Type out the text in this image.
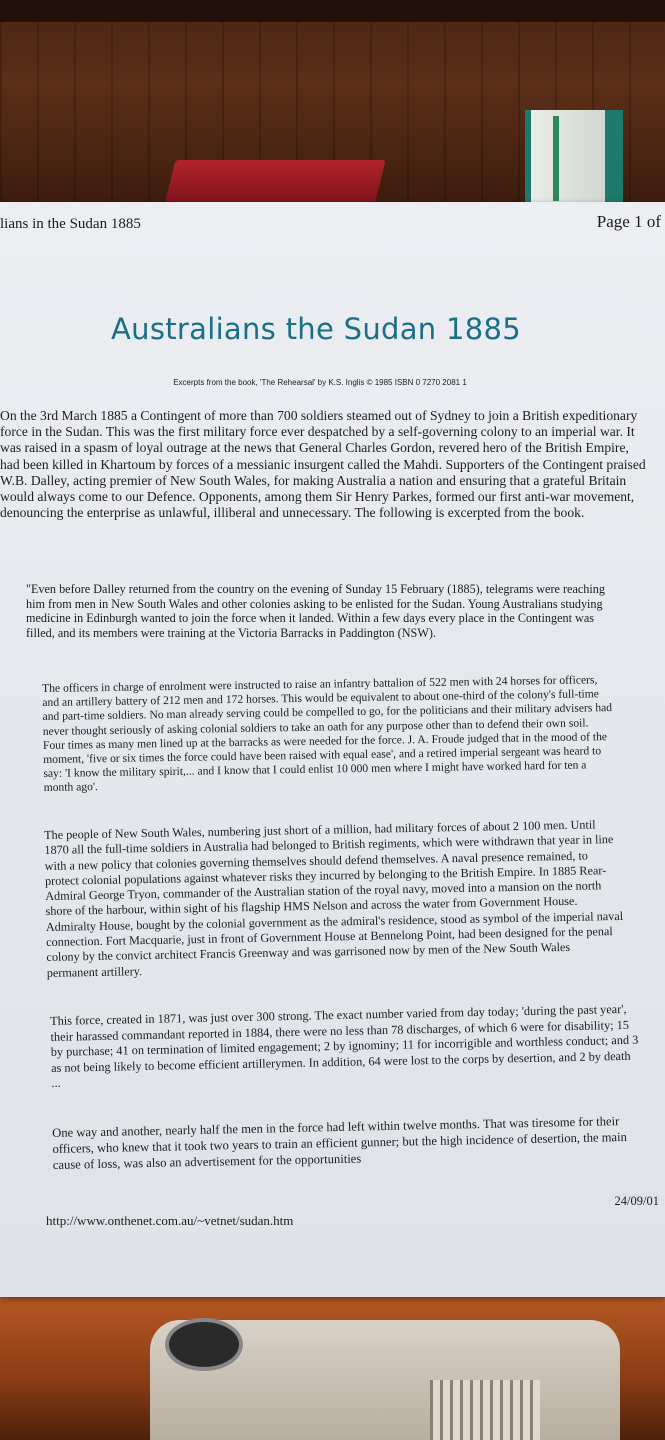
lians in the Sudan 1885	Page 1 of
Australians the Sudan 1885
Excerpts from the book, 'The Rehearsal' by K.S. Inglis © 1985 ISBN 0 7270 2081 1
On the 3rd March 1885 a Contingent of more than 700 soldiers steamed out of Sydney to join a British expeditionary force in the Sudan. This was the first military force ever despatched by a self-governing colony to an imperial war. It was raised in a spasm of loyal outrage at the news that General Charles Gordon, revered hero of the British Empire, had been killed in Khartoum by forces of a messianic insurgent called the Mahdi. Supporters of the Contingent praised W.B. Dalley, acting premier of New South Wales, for making Australia a nation and ensuring that a grateful Britain would always come to our Defence. Opponents, among them Sir Henry Parkes, formed our first anti-war movement, denouncing the enterprise as unlawful, illiberal and unnecessary. The following is excerpted from the book.
"Even before Dalley returned from the country on the evening of Sunday 15 February (1885), telegrams were reaching him from men in New South Wales and other colonies asking to be enlisted for the Sudan. Young Australians studying medicine in Edinburgh wanted to join the force when it landed. Within a few days every place in the Contingent was filled, and its members were training at the Victoria Barracks in Paddington (NSW).
The officers in charge of enrolment were instructed to raise an infantry battalion of 522 men with 24 horses for officers, and an artillery battery of 212 men and 172 horses. This would be equivalent to about one-third of the colony's full-time and part-time soldiers. No man already serving could be compelled to go, for the politicians and their military advisers had never thought seriously of asking colonial soldiers to take an oath for any purpose other than to defend their own soil. Four times as many men lined up at the barracks as were needed for the force. J. A. Froude judged that in the mood of the moment, 'five or six times the force could have been raised with equal ease', and a retired imperial sergeant was heard to say: 'I know the military spirit,... and I know that I could enlist 10 000 men where I might have worked hard for ten a month ago'.
The people of New South Wales, numbering just short of a million, had military forces of about 2 100 men. Until 1870 all the full-time soldiers in Australia had belonged to British regiments, which were withdrawn that year in line with a new policy that colonies governing themselves should defend themselves. A naval presence remained, to protect colonial populations against whatever risks they incurred by belonging to the British Empire. In 1885 Rear-Admiral George Tryon, commander of the Australian station of the royal navy, moved into a mansion on the north shore of the harbour, within sight of his flagship HMS Nelson and across the water from Government House. Admiralty House, bought by the colonial government as the admiral's residence, stood as symbol of the imperial naval connection. Fort Macquarie, just in front of Government House at Bennelong Point, had been designed for the penal colony by the convict architect Francis Greenway and was garrisoned now by men of the New South Wales permanent artillery.
This force, created in 1871, was just over 300 strong. The exact number varied from day today; 'during the past year', their harassed commandant reported in 1884, there were no less than 78 discharges, of which 6 were for disability; 15 by purchase; 41 on termination of limited engagement; 2 by ignominy; 11 for incorrigible and worthless conduct; and 3 as not being likely to become efficient artillerymen. In addition, 64 were lost to the corps by desertion, and 2 by death ...
One way and another, nearly half the men in the force had left within twelve months. That was tiresome for their officers, who knew that it took two years to train an efficient gunner; but the high incidence of desertion, the main cause of loss, was also an advertisement for the opportunities
24/09/01
http://www.onthenet.com.au/~vetnet/sudan.htm
